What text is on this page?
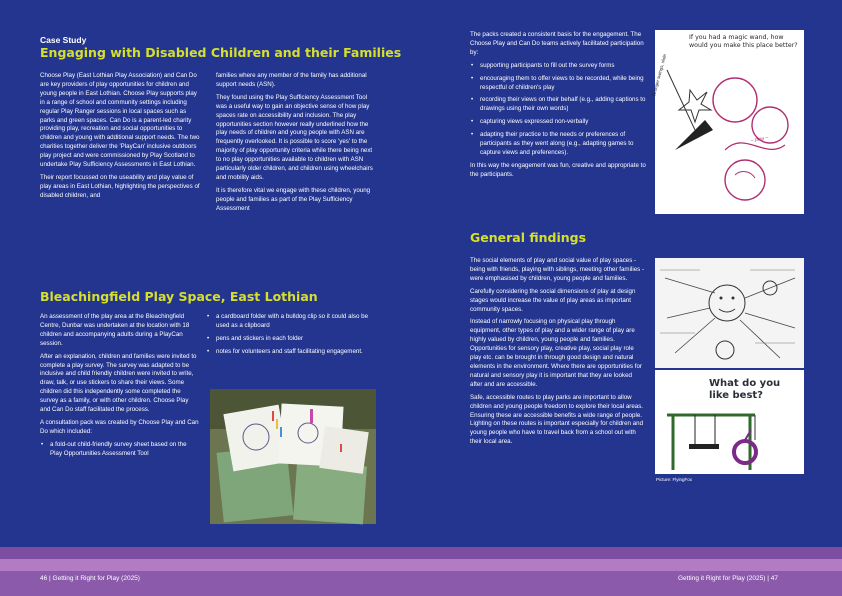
Case Study
Engaging with Disabled Children and their Families

Choose Play (East Lothian Play Association) and Can Do are key providers of play opportunities for children and young people in East Lothian. Choose Play supports play in a range of school and community settings including regular Play Ranger sessions in local spaces such as parks and green spaces. Can Do is a parent-led charity providing play, recreation and social opportunities to children and young with additional support needs. The two charities together deliver the 'PlayCan' inclusive outdoors play project and were commissioned by Play Scotland to undertake Play Sufficiency Assessments in East Lothian.

Their report focussed on the useability and play value of play areas in East Lothian, highlighting the perspectives of disabled children, and

families where any member of the family has additional support needs (ASN).

They found using the Play Sufficiency Assessment Tool was a useful way to gain an objective sense of how play spaces rate on accessibility and inclusion. The play opportunities section however really underlined how the play needs of children and young people with ASN are frequently overlooked. It is possible to score 'yes' to the majority of play opportunity criteria while there being next to no play opportunities available to children with ASN particularly older children, and children using wheelchairs and mobility aids.

It is therefore vital we engage with these children, young people and families as part of the Play Sufficiency Assessment

Bleachingfield Play Space, East Lothian

An assessment of the play area at the Bleachingfield Centre, Dunbar was undertaken at the location with 18 children and accompanying adults during a PlayCan session.

After an explanation, children and families were invited to complete a play survey. The survey was adapted to be inclusive and child friendly children were invited to write, draw, talk, or use stickers to share their views. Some children did this independently some completed the survey as a family, or with other children. Choose Play and Can Do staff facilitated the process.

A consultation pack was created by Choose Play and Can Do which included:

• a fold-out child-friendly survey sheet based on the Play Opportunities Assessment Tool
• a cardboard folder with a bulldog clip so it could also be used as a clipboard
• pens and stickers in each folder
• notes for volunteers and staff facilitating engagement.

The packs created a consistent basis for the engagement. The Choose Play and Can Do teams actively facilitated participation by:

• supporting participants to fill out the survey forms
• encouraging them to offer views to be recorded, while being respectful of children's play
• recording their views on their behalf (e.g., adding captions to drawings using their own words)
• capturing views expressed non-verbally
• adapting their practice to the needs or preferences of participants as they went along (e.g., adapting games to capture views and preferences).

In this way the engagement was fun, creative and appropriate to the participants.

General findings

The social elements of play and social value of play spaces - being with friends, playing with siblings, meeting other families - were emphasised by children, young people and families.

Carefully considering the social dimensions of play at design stages would increase the value of play areas as important community spaces.

Instead of narrowly focusing on physical play through equipment, other types of play and a wider range of play are highly valued by children, young people and families. Opportunities for sensory play, creative play, social play role play etc. can be brought in through good design and natural elements in the environment. Where there are opportunities for natural and sensory play it is important that they are looked after and are accessible.

Safe, accessible routes to play parks are important to allow children and young people freedom to explore their local areas. Ensuring these are accessible benefits a wide range of people. Lighting on these routes is important especially for children and young people who have to travel back from a school out with their local area.

~ play ~
If you had a magic wand, how would you make this place better?
Stronger swings, slide
What do you like best?
Picture: FlyingFox
46 | Getting it Right for Play (2025)	Getting it Right for Play (2025) | 47
